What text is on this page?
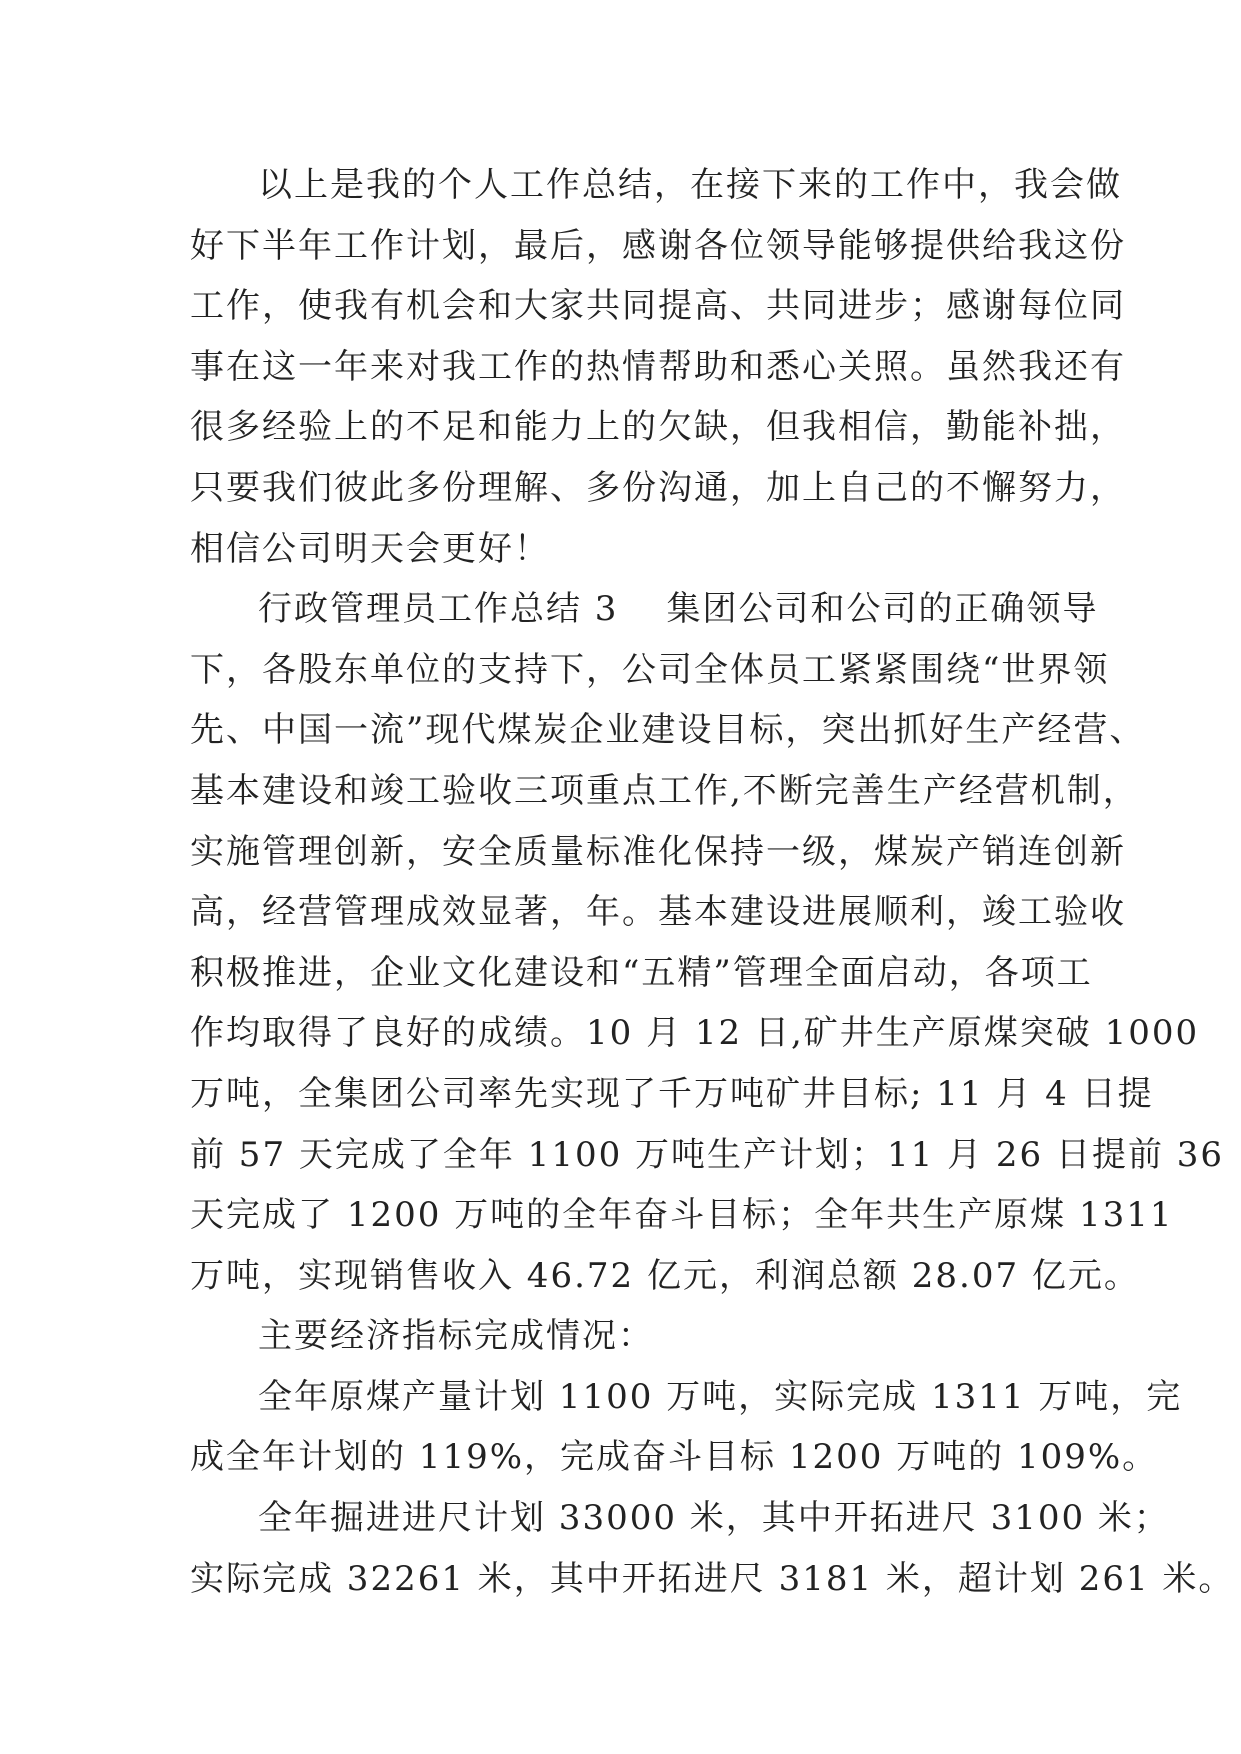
以上是我的个人工作总结，在接下来的工作中，我会做
好下半年工作计划，最后，感谢各位领导能够提供给我这份
工作，使我有机会和大家共同提高、共同进步；感谢每位同
事在这一年来对我工作的热情帮助和悉心关照。虽然我还有
很多经验上的不足和能力上的欠缺，但我相信，勤能补拙，
只要我们彼此多份理解、多份沟通，加上自己的不懈努力，
相信公司明天会更好！

行政管理员工作总结 3 集团公司和公司的正确领导
下，各股东单位的支持下，公司全体员工紧紧围绕“世界领
先、中国一流”现代煤炭企业建设目标，突出抓好生产经营、
基本建设和竣工验收三项重点工作,不断完善生产经营机制，
实施管理创新，安全质量标准化保持一级，煤炭产销连创新
高，经营管理成效显著，年。基本建设进展顺利，竣工验收
积极推进，企业文化建设和“五精”管理全面启动，各项工
作均取得了良好的成绩。10 月 12 日,矿井生产原煤突破 1000
万吨，全集团公司率先实现了千万吨矿井目标; 11 月 4 日提
前 57 天完成了全年 1100 万吨生产计划；11 月 26 日提前 36
天完成了 1200 万吨的全年奋斗目标；全年共生产原煤 1311
万吨，实现销售收入 46.72 亿元，利润总额 28.07 亿元。

主要经济指标完成情况：

全年原煤产量计划 1100 万吨，实际完成 1311 万吨，完
成全年计划的 119%，完成奋斗目标 1200 万吨的 109%。

全年掘进进尺计划 33000 米，其中开拓进尺 3100 米；
实际完成 32261 米，其中开拓进尺 3181 米，超计划 261 米。
